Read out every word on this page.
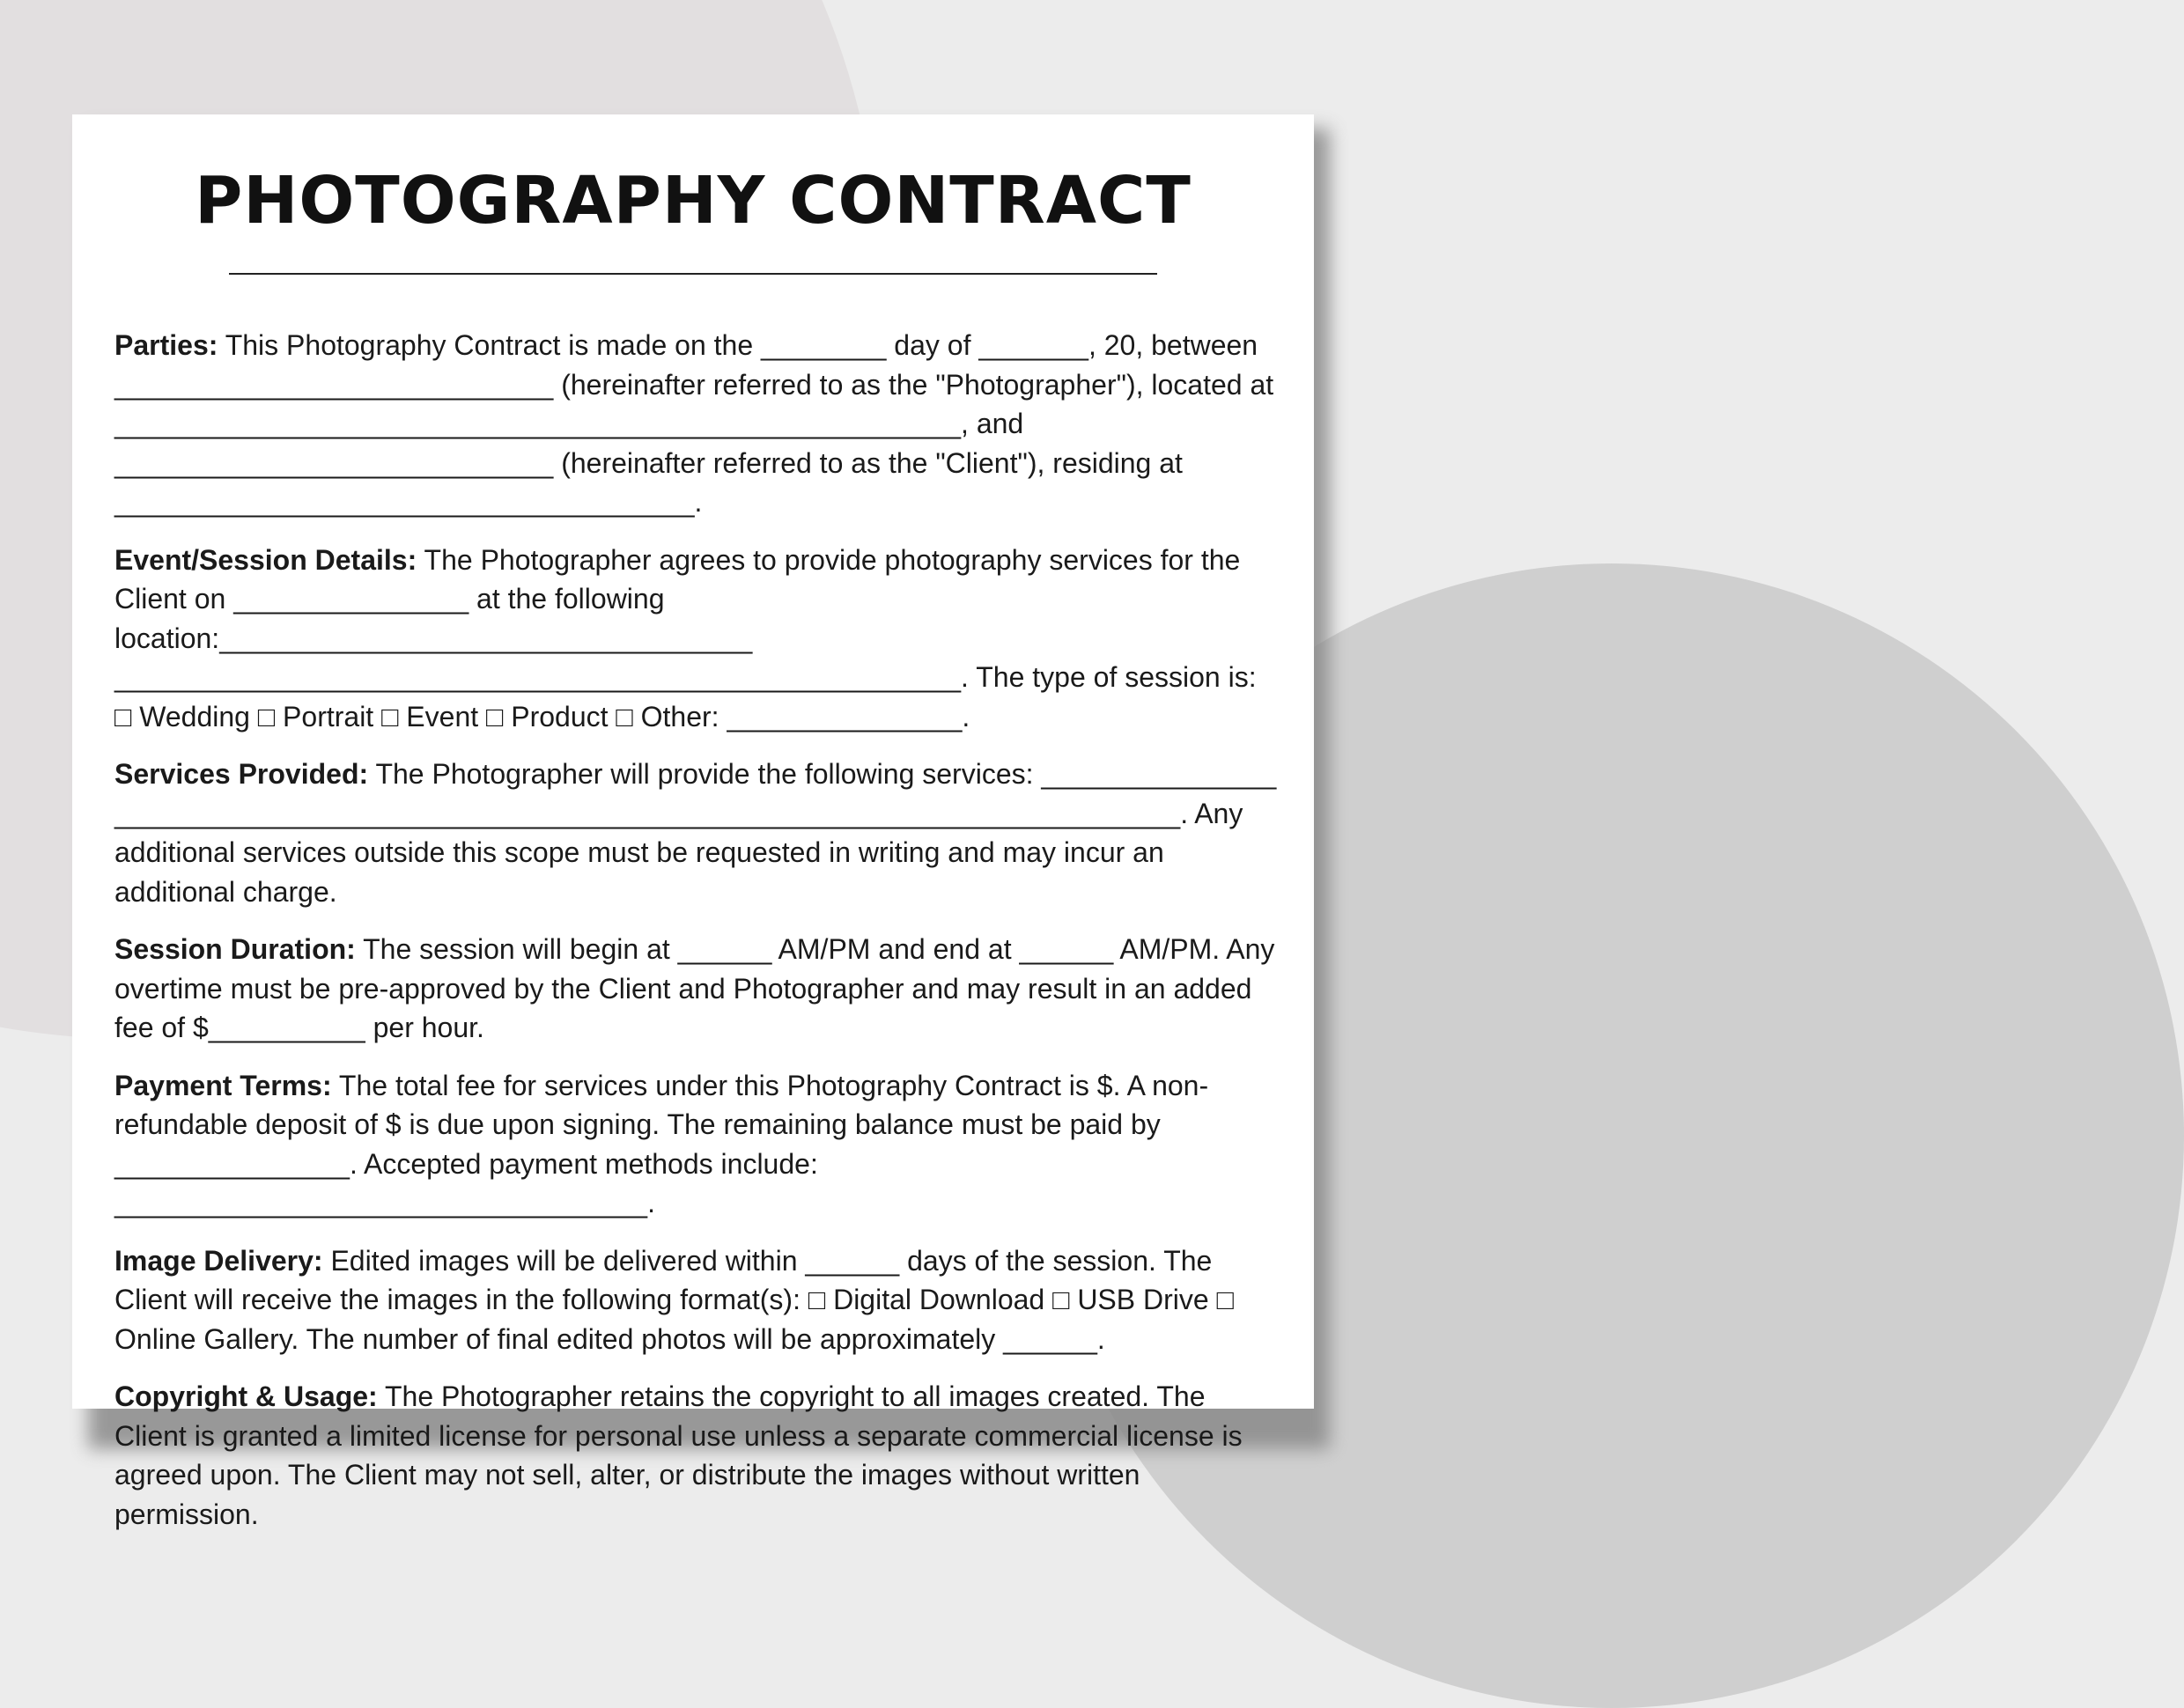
PHOTOGRAPHY CONTRACT

Parties: This Photography Contract is made on the ________ day of _______, 20, between ____________________________ (hereinafter referred to as the "Photographer"), located at ______________________________________________________, and ____________________________ (hereinafter referred to as the "Client"), residing at _____________________________________.

Event/Session Details: The Photographer agrees to provide photography services for the Client on _______________ at the following location:__________________________________ ______________________________________________________. The type of session is: □ Wedding □ Portrait □ Event □ Product □ Other: _______________.

Services Provided: The Photographer will provide the following services: _______________ ____________________________________________________________________. Any additional services outside this scope must be requested in writing and may incur an additional charge.

Session Duration: The session will begin at ______ AM/PM and end at ______ AM/PM. Any overtime must be pre-approved by the Client and Photographer and may result in an added fee of $__________ per hour.

Payment Terms: The total fee for services under this Photography Contract is $. A non-refundable deposit of $ is due upon signing. The remaining balance must be paid by _______________. Accepted payment methods include: __________________________________.

Image Delivery: Edited images will be delivered within ______ days of the session. The Client will receive the images in the following format(s): □ Digital Download □ USB Drive □ Online Gallery. The number of final edited photos will be approximately ______.

Copyright & Usage: The Photographer retains the copyright to all images created. The Client is granted a limited license for personal use unless a separate commercial license is agreed upon. The Client may not sell, alter, or distribute the images without written permission.
